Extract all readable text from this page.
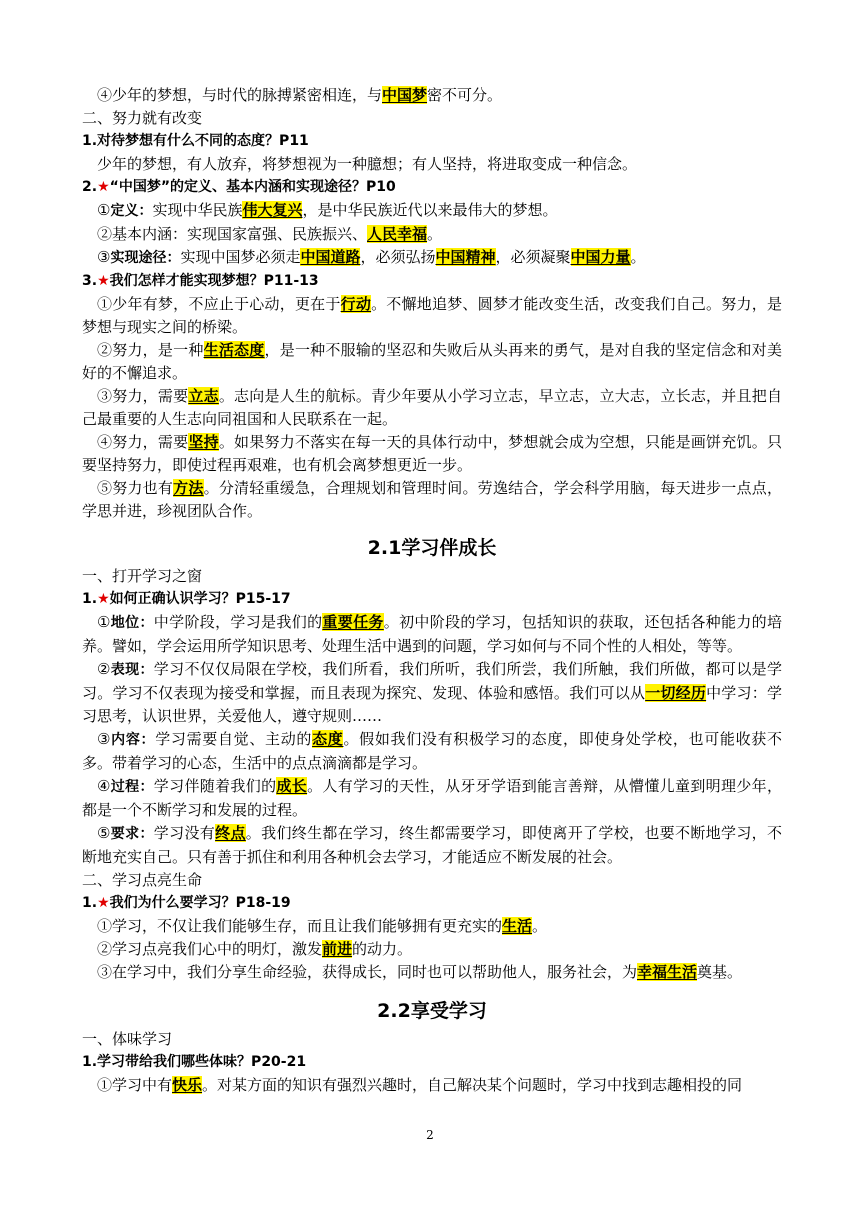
④少年的梦想，与时代的脉搏紧密相连，与中国梦密不可分。
二、努力就有改变
1.对待梦想有什么不同的态度？P11
少年的梦想，有人放弃，将梦想视为一种臆想；有人坚持，将进取变成一种信念。
2.★“中国梦”的定义、基本内涵和实现途径？P10
①定义：实现中华民族伟大复兴，是中华民族近代以来最伟大的梦想。
②基本内涵：实现国家富强、民族振兴、人民幸福。
③实现途径：实现中国梦必须走中国道路，必须弘扬中国精神，必须凝聚中国力量。
3.★我们怎样才能实现梦想？P11-13
①少年有梦，不应止于心动，更在于行动。不懈地追梦、圆梦才能改变生活，改变我们自己。努力，是梦想与现实之间的桥梁。
②努力，是一种生活态度，是一种不服输的坚忍和失败后从头再来的勇气，是对自我的坚定信念和对美好的不懈追求。
③努力，需要立志。志向是人生的航标。青少年要从小学习立志，早立志，立大志，立长志，并且把自己最重要的人生志向同祖国和人民联系在一起。
④努力，需要坚持。如果努力不落实在每一天的具体行动中，梦想就会成为空想，只能是画饼充饥。只要坚持努力，即使过程再艰难，也有机会离梦想更近一步。
⑤努力也有方法。分清轻重缓急，合理规划和管理时间。劳逸结合，学会科学用脑，每天进步一点点，学思并进，珍视团队合作。
2.1学习伴成长
一、打开学习之窗
1.★如何正确认识学习？P15-17
①地位：中学阶段，学习是我们的重要任务。初中阶段的学习，包括知识的获取，还包括各种能力的培养。譬如，学会运用所学知识思考、处理生活中遇到的问题，学习如何与不同个性的人相处，等等。
②表现：学习不仅仅局限在学校，我们所看，我们所听，我们所尝，我们所触，我们所做，都可以是学习。学习不仅表现为接受和掌握，而且表现为探究、发现、体验和感悟。我们可以从一切经历中学习：学习思考，认识世界，关爱他人，遵守规则……
③内容：学习需要自觉、主动的态度。假如我们没有积极学习的态度，即使身处学校，也可能收获不多。带着学习的心态，生活中的点点滴滴都是学习。
④过程：学习伴随着我们的成长。人有学习的天性，从牙牙学语到能言善辩，从懵懂儿童到明理少年，都是一个不断学习和发展的过程。
⑤要求：学习没有终点。我们终生都在学习，终生都需要学习，即使离开了学校，也要不断地学习，不断地充实自己。只有善于抓住和利用各种机会去学习，才能适应不断发展的社会。
二、学习点亮生命
1.★我们为什么要学习？P18-19
①学习，不仅让我们能够生存，而且让我们能够拥有更充实的生活。
②学习点亮我们心中的明灯，激发前进的动力。
③在学习中，我们分享生命经验，获得成长，同时也可以帮助他人，服务社会，为幸福生活奠基。
2.2享受学习
一、体味学习
1.学习带给我们哪些体味？P20-21
①学习中有快乐。对某方面的知识有强烈兴趣时，自己解决某个问题时，学习中找到志趣相投的同
2
